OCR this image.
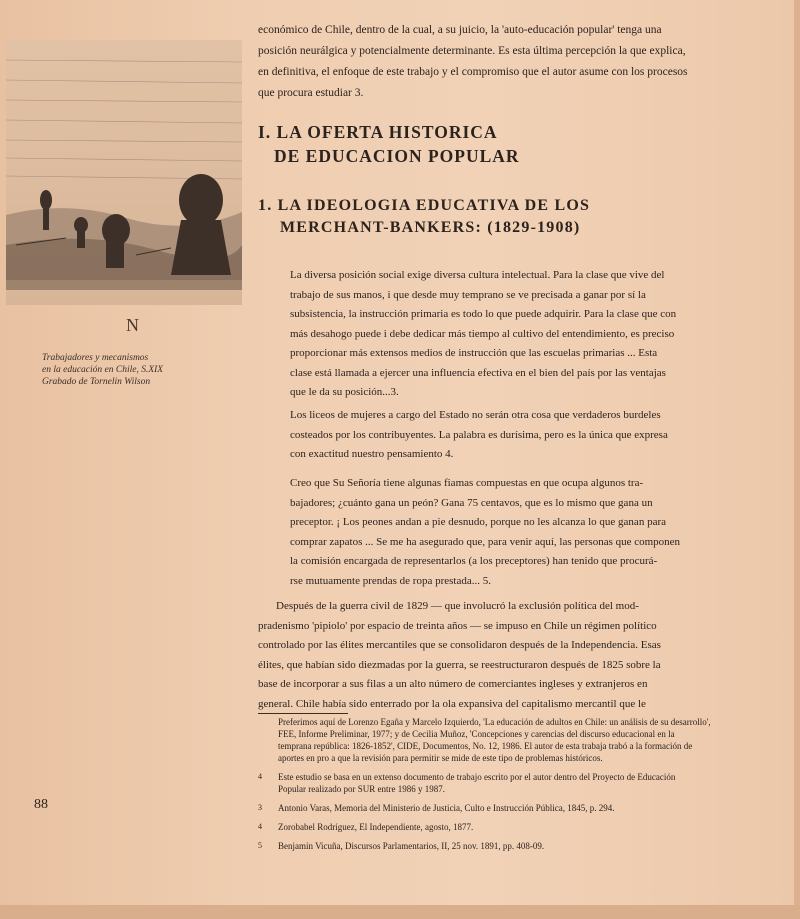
N
Trabajadores y mecanismos
en la educación en Chile, S.XIX
Grabado de Tornelin Wilson
88
económico de Chile, dentro de la cual, a su juicio, la 'auto-educación popular' tenga una
posición neurálgica y potencialmente determinante. Es esta última percepción la que explica,
en definitiva, el enfoque de este trabajo y el compromiso que el autor asume con los procesos
que procura estudiar 3.
I. LA OFERTA HISTORICA
DE EDUCACION POPULAR
1. LA IDEOLOGIA EDUCATIVA DE LOS
MERCHANT-BANKERS: (1829-1908)
La diversa posición social exige diversa cultura intelectual. Para la clase que vive del
trabajo de sus manos, i que desde muy temprano se ve precisada a ganar por sí la
subsistencia, la instrucción primaria es todo lo que puede adquirir. Para la clase que con
más desahogo puede i debe dedicar más tiempo al cultivo del entendimiento, es preciso
proporcionar más extensos medios de instrucción que las escuelas primarias ... Esta
clase está llamada a ejercer una influencia efectiva en el bien del país por las ventajas
que le da su posición...3.
Los liceos de mujeres a cargo del Estado no serán otra cosa que verdaderos burdeles
costeados por los contribuyentes. La palabra es durísima, pero es la única que expresa
con exactitud nuestro pensamiento 4.
Creo que Su Señoría tiene algunas fiamas compuestas en que ocupa algunos tra-
bajadores; ¿cuánto gana un peón? Gana 75 centavos, que es lo mismo que gana un
preceptor. ¡ Los peones andan a pie desnudo, porque no les alcanza lo que ganan para
comprar zapatos ... Se me ha asegurado que, para venir aquí, las personas que componen
la comisión encargada de representarlos (a los preceptores) han tenido que procurá-
rse mutuamente prendas de ropa prestada... 5.
Después de la guerra civil de 1829 — que involucró la exclusión política del mod-
pradenismo 'pipiolo' por espacio de treinta años — se impuso en Chile un régimen político
controlado por las élites mercantiles que se consolidaron después de la Independencia. Esas
élites, que habían sido diezmadas por la guerra, se reestructuraron después de 1825 sobre la
base de incorporar a sus filas a un alto número de comerciantes ingleses y extranjeros en
general. Chile había sido enterrado por la ola expansiva del capitalismo mercantil que le
Preferimos aquí de Lorenzo Egaña y Marcelo Izquierdo, 'La educación de adultos en Chile: un análisis de su desarrollo',
FEE, Informe Preliminar, 1977; y de Cecilia Muñoz, 'Concepciones y carencias del discurso educacional en la
temprana república: 1826-1852', CIDE, Documentos, No. 12, 1986. El autor de esta trabaja trabó a la formación de
aportes en pro a que la revisión para permitir se mide de este tipo de problemas históricos.
4	Este estudio se basa en un extenso documento de trabajo escrito por el autor dentro del Proyecto de Educación
Popular realizado por SUR entre 1986 y 1987.
3	Antonio Varas, Memoria del Ministerio de Justicia, Culto e Instrucción Pública, 1845, p. 294.
4	Zorobabel Rodríguez, El Independiente, agosto, 1877.
5	Benjamín Vicuña, Discursos Parlamentarios, II, 25 nov. 1891, pp. 408-09.
